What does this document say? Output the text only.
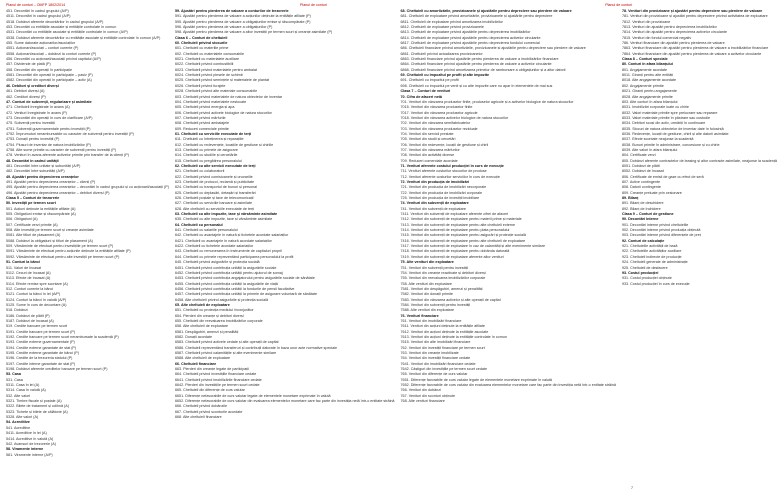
Planul de conturi – OMFP 1802/2014	Planul de conturi	Planul de conturi
451. Decontări în cadrul grupului (A/P)
4511. Decontări în cadrul grupului (A/P)
4518. Dobânzi aferente decontărilor în cadrul grupului (A/P)
453. Decontări cu entitățile asociate și entitățile controlate în comun
4531. Decontări cu entitățile asociate și entitățile controlate în comun (A/P)
4538. Dobânzi aferente decontărilor cu entitățile asociate și entitățile controlate în comun (A/P)
455. Sume datorate acționarilor/asociaților
4551. Acționari/asociați – conturi curente (P)
4558. Acționari/asociați – dobânzi la conturi curente (P)
456. Decontări cu acționarii/asociații privind capitalul (A/P)
457. Dividende de plată (P)
458. Decontări din operații în participație
4581. Decontări din operații în participație – pasiv (P)
4582. Decontări din operații în participație – activ (A)
46. Debitori și creditori diverși
461. Debitori diverși (A)
462. Creditori diverși (P)
47. Conturi de subvenții, regularizare și asimilate
471. Cheltuieli înregistrate în avans (A)
472. Venituri înregistrate în avans (P)
473. Decontări din operații în curs de clarificare (A/P)
475. Subvenții pentru investiții
4751. Subvenții guvernamentale pentru investiții (P)
4752. Împrumuturi nerambursabile cu caracter de subvenții pentru investiții (P)
4753. Donații pentru investiții (P)
4754. Plusuri de inventar de natura imobilizărilor (P)
4758. Alte sume primite cu caracter de subvenții pentru investiții (P)
478. Venituri în avans aferente activelor primite prin transfer de la clienți (P)
48. Decontări în cadrul unității
481. Decontări între unitate și subunități (A/P)
482. Decontări între subunități (A/P)
49. Ajustări pentru deprecierea creanțelor
491. Ajustări pentru deprecierea creanțelor – clienți (P)
495. Ajustări pentru deprecierea creanțelor – decontări în cadrul grupului și cu acționarii/asociații (P)
496. Ajustări pentru deprecierea creanțelor – debitori diverși (P)
Clasa 5 – Conturi de trezorerie
50. Investiții pe termen scurt
501. Acțiuni deținute la entitățile afiliate (A)
505. Obligațiuni emise și răscumpărate (A)
506. Obligațiuni (A)
507. Certificate verzi primite (A)
508. Alte investiții pe termen scurt și creanțe asimilate
5081. Alte titluri de plasament (A)
5088. Dobânzi la obligațiuni și titluri de plasament (A)
509. Vărsăminte de efectuat pentru investițiile pe termen scurt (P)
5091. Vărsăminte de efectuat pentru acțiunile deținute la entitățile afiliate (P)
5092. Vărsăminte de efectuat pentru alte investiții pe termen scurt (P)
51. Conturi la bănci
511. Valori de încasat
5112. Cecuri de încasat (A)
5113. Efecte de încasat (A)
5114. Efecte remise spre scontare (A)
512. Conturi curente la bănci
5121. Conturi la bănci în lei (A/P)
5124. Conturi la bănci în valută (A/P)
5125. Sume în curs de decontare (A)
518. Dobânzi
5186. Dobânzi de plătit (P)
5187. Dobânzi de încasat (A)
519. Credite bancare pe termen scurt
5191. Credite bancare pe termen scurt (P)
5192. Credite bancare pe termen scurt nerambursate la scadență (P)
5193. Credite externe guvernamentale (P)
5194. Credite externe garantate de stat (P)
5195. Credite externe garantate de bănci (P)
5196. Credite de la trezoreria statului (P)
5197. Credite interne garantate de stat (P)
5198. Dobânzi aferente creditelor bancare pe termen scurt (P)
53. Casa
531. Casa
5311. Casa în lei (A)
5314. Casa în valută (A)
532. Alte valori
5321. Timbre fiscale și poștale (A)
5322. Bilete de tratament și odihnă (A)
5323. Tichete și bilete de călătorie (A)
5328. Alte valori (A)
54. Acreditive
541. Acreditive
5411. Acreditive în lei (A)
5414. Acreditive în valută (A)
542. Avansuri de trezorerie (A)
58. Viramente interne
581. Viramente interne (A/P)
59. Ajustări pentru pierderea de valoare a conturilor de trezorerie
591. Ajustări pentru pierderea de valoare a acțiunilor deținute la entitățile afiliate (P)
595. Ajustări pentru pierderea de valoare a obligațiunilor emise și răscumpărate (P)
596. Ajustări pentru pierderea de valoare a obligațiunilor (P)
598. Ajustări pentru pierderea de valoare a altor investiții pe termen scurt și creanțe asimilate (P)
Clasa 6 – Conturi de cheltuieli
60. Cheltuieli privind stocurile
601. Cheltuieli cu materiile prime
602. Cheltuieli cu materialele consumabile
6021. Cheltuieli cu materialele auxiliare
6022. Cheltuieli privind combustibilii
6023. Cheltuieli privind materialele pentru ambalat
6024. Cheltuieli privind piesele de schimb
6025. Cheltuieli privind semințele și materialele de plantat
6026. Cheltuieli privind furajele
6028. Cheltuieli privind alte materiale consumabile
603. Cheltuieli privind materialele de natura obiectelor de inventar
604. Cheltuieli privind materialele nestocate
605. Cheltuieli privind energia și apa
606. Cheltuieli privind activele biologice de natura stocurilor
607. Cheltuieli privind mărfurile
608. Cheltuieli privind ambalajele
609. Reduceri comerciale primite
61. Cheltuieli cu serviciile executate de terți
611. Cheltuieli cu întreținerea și reparațiile
612. Cheltuieli cu redevențele, locațiile de gestiune și chiriile
613. Cheltuieli cu primele de asigurare
614. Cheltuieli cu studiile și cercetările
615. Cheltuieli cu pregătirea personalului
62. Cheltuieli cu alte servicii executate de terți
621. Cheltuieli cu colaboratorii
622. Cheltuieli privind comisioanele și onorariile
623. Cheltuieli de protocol, reclamă și publicitate
624. Cheltuieli cu transportul de bunuri și personal
625. Cheltuieli cu deplasări, detașări și transferări
626. Cheltuieli poștale și taxe de telecomunicații
627. Cheltuieli cu serviciile bancare și asimilate
628. Alte cheltuieli cu serviciile executate de terți
63. Cheltuieli cu alte impozite, taxe și vărsăminte asimilate
635. Cheltuieli cu alte impozite, taxe și vărsăminte asimilate
64. Cheltuieli cu personalul
641. Cheltuieli cu salariile personalului
642. Cheltuieli cu avantajele în natură și tichetele acordate salariaților
6421. Cheltuieli cu avantajele în natură acordate salariaților
6422. Cheltuieli cu tichetele acordate salariaților
643. Cheltuieli cu remunerarea în instrumente de capitaluri proprii
644. Cheltuieli cu primele reprezentând participarea personalului la profit
645. Cheltuieli privind asigurările și protecția socială
6451. Cheltuieli privind contribuția unității la asigurările sociale
6452. Cheltuieli privind contribuția unității pentru ajutorul de șomaj
6453. Cheltuieli privind contribuția angajatorului pentru asigurările sociale de sănătate
6455. Cheltuieli privind contribuția unității la asigurările de viață
6456. Cheltuieli privind contribuția unității la fondurile de pensii facultative
6457. Cheltuieli privind contribuția unității la primele de asigurare voluntară de sănătate
6458. Alte cheltuieli privind asigurările și protecția socială
65. Alte cheltuieli de exploatare
651. Cheltuieli cu protecția mediului înconjurător
654. Pierderi din creanțe și debitori diverși
655. Cheltuieli din reevaluarea imobilizărilor corporale
658. Alte cheltuieli de exploatare
6581. Despăgubiri, amenzi și penalități
6582. Donații acordate
6583. Cheltuieli privind activele cedate și alte operații de capital
6586. Cheltuieli reprezentând transferuri și contribuții datorate în baza unor acte normative speciale
6587. Cheltuieli privind calamitățile și alte evenimente similare
6588. Alte cheltuieli de exploatare
66. Cheltuieli financiare
663. Pierderi din creanțe legate de participații
664. Cheltuieli privind investițiile financiare cedate
6641. Cheltuieli privind imobilizările financiare cedate
6642. Pierderi din investițiile pe termen scurt cedate
665. Cheltuieli din diferențe de curs valutar
6651. Diferențe nefavorabile de curs valutar legate de elementele monetare exprimate în valută
6652. Diferențe nefavorabile de curs valutar din evaluarea elementelor monetare care fac parte din investiția netă într-o entitate străină
666. Cheltuieli privind dobânzile
667. Cheltuieli privind sconturile acordate
668. Alte cheltuieli financiare
68. Cheltuieli cu amortizările, provizioanele și ajustările pentru depreciere sau pierdere de valoare
681. Cheltuieli de exploatare privind amortizările, provizioanele și ajustările pentru depreciere
6811. Cheltuieli de exploatare privind amortizarea imobilizărilor
6812. Cheltuieli de exploatare privind provizioanele
6813. Cheltuieli de exploatare privind ajustările pentru deprecierea imobilizărilor
6814. Cheltuieli de exploatare privind ajustările pentru deprecierea activelor circulante
6817. Cheltuieli de exploatare privind ajustările pentru deprecierea fondului comercial
686. Cheltuieli financiare privind amortizările, provizioanele și ajustările pentru depreciere sau pierdere de valoare
6861. Cheltuieli privind actualizarea provizioanelor
6863. Cheltuieli financiare privind ajustările pentru pierderea de valoare a imobilizărilor financiare
6864. Cheltuieli financiare privind ajustările pentru pierderea de valoare a activelor circulante
6868. Cheltuieli financiare privind amortizarea primelor de rambursare a obligațiunilor și a altor datorii
69. Cheltuieli cu impozitul pe profit și alte impozite
691. Cheltuieli cu impozitul pe profit
698. Cheltuieli cu impozitul pe venit și cu alte impozite care nu apar în elementele de mai sus
Clasa 7 – Conturi de venituri
70. Cifra de afaceri netă
701. Venituri din vânzarea produselor finite, produselor agricole și a activelor biologice de natura stocurilor
7015. Venituri din vânzarea produselor finite
7017. Venituri din vânzarea produselor agricole
7018. Venituri din vânzarea activelor biologice de natura stocurilor
702. Venituri din vânzarea semifabricatelor
703. Venituri din vânzarea produselor reziduale
704. Venituri din servicii prestate
705. Venituri din studii și cercetări
706. Venituri din redevențe, locații de gestiune și chirii
707. Venituri din vânzarea mărfurilor
708. Venituri din activități diverse
709. Reduceri comerciale acordate
71. Venituri aferente costului producției în curs de execuție
711. Venituri aferente costurilor stocurilor de produse
712. Venituri aferente costurilor serviciilor în curs de execuție
72. Venituri din producția de imobilizări
721. Venituri din producția de imobilizări necorporale
722. Venituri din producția de imobilizări corporale
725. Venituri din producția de investiții imobiliare
74. Venituri din subvenții de exploatare
741. Venituri din subvenții de exploatare
7411. Venituri din subvenții de exploatare aferente cifrei de afaceri
7412. Venituri din subvenții de exploatare pentru materii prime și materiale
7413. Venituri din subvenții de exploatare pentru alte cheltuieli externe
7414. Venituri din subvenții de exploatare pentru plata personalului
7415. Venituri din subvenții de exploatare pentru asigurări și protecție socială
7416. Venituri din subvenții de exploatare pentru alte cheltuieli de exploatare
7417. Venituri din subvenții de exploatare în caz de calamități și alte evenimente similare
7418. Venituri din subvenții de exploatare pentru dobânda datorată
7419. Venituri din subvenții de exploatare aferente altor venituri
75. Alte venituri din exploatare
751. Venituri din subvenții pentru investiții
754. Venituri din creanțe reactivate și debitori diverși
755. Venituri din reevaluarea imobilizărilor corporale
758. Alte venituri din exploatare
7581. Venituri din despăgubiri, amenzi și penalități
7582. Venituri din donații primite
7583. Venituri din vânzarea activelor și alte operații de capital
7584. Venituri din subvenții pentru investiții
7588. Alte venituri din exploatare
76. Venituri financiare
761. Venituri din imobilizări financiare
7611. Venituri din acțiuni deținute la entitățile afiliate
7612. Venituri din acțiuni deținute la entitățile asociate
7613. Venituri din acțiuni deținute la entitățile controlate în comun
7615. Venituri din alte imobilizări financiare
762. Venituri din investiții financiare pe termen scurt
763. Venituri din creanțe imobilizate
764. Venituri din investiții financiare cedate
7641. Venituri din imobilizări financiare cedate
7642. Câștiguri din investițiile pe termen scurt cedate
765. Venituri din diferențe de curs valutar
7651. Diferențe favorabile de curs valutar legate de elementele monetare exprimate în valută
7652. Diferențe favorabile de curs valutar din evaluarea elementelor monetare care fac parte din investiția netă într-o entitate străină
766. Venituri din dobânzi
767. Venituri din sconturi obținute
768. Alte venituri financiare
78. Venituri din provizioane și ajustări pentru depreciere sau pierdere de valoare
781. Venituri din provizioane și ajustări pentru depreciere privind activitatea de exploatare
7812. Venituri din provizioane
7813. Venituri din ajustări pentru deprecierea imobilizărilor
7814. Venituri din ajustări pentru deprecierea activelor circulante
7815. Venituri din fondul comercial negativ
786. Venituri financiare din ajustări pentru pierderea de valoare
7863. Venituri financiare din ajustări pentru pierderea de valoare a imobilizărilor financiare
7864. Venituri financiare din ajustări pentru pierderea de valoare a activelor circulante
Clasa 8 – Conturi speciale
80. Conturi în afara bilanțului
801. Angajamente acordate
8011. Giranți pentru alte entități
8018. Alte angajamente acordate
802. Angajamente primite
8021. Giranți pentru angajamente
8028. Alte angajamente primite
803. Alte conturi în afara bilanțului
8031. Imobilizări corporale luate cu chirie
8032. Valori materiale primite spre prelucrare sau reparare
8033. Valori materiale primite în păstrare sau custodie
8034. Debitori scoși din activ, urmăriți în continuare
8035. Stocuri de natura obiectelor de inventar date în folosință
8036. Redevențe, locații de gestiune, chirii și alte datorii asimilate
8037. Efecte scontate neajunse la scadență
8038. Bunuri primite în administrare, concesiune și cu chirie
8039. Alte valori în afara bilanțului
804. Certificate verzi
805. Dobânzi aferente contractelor de leasing și altor contracte asimilate, neajunse la scadență
8051. Dobânzi de plătit
8052. Dobânzi de încasat
806. Certificate de emisii de gaze cu efect de seră
807. Active contingente
808. Datorii contingente
809. Creanțe preluate prin cesionare
89. Bilanț
891. Bilanț de deschidere
892. Bilanț de închidere
Clasa 9 – Conturi de gestiune
90. Decontări interne
901. Decontări interne privind cheltuielile
902. Decontări interne privind producția obținută
903. Decontări interne privind diferențele de preț
92. Conturi de calculație
921. Cheltuielile activității de bază
922. Cheltuielile activităților auxiliare
923. Cheltuieli indirecte de producție
924. Cheltuieli generale de administrație
925. Cheltuieli de desfacere
93. Costul producției
931. Costul producției obținute
933. Costul producției în curs de execuție
7
